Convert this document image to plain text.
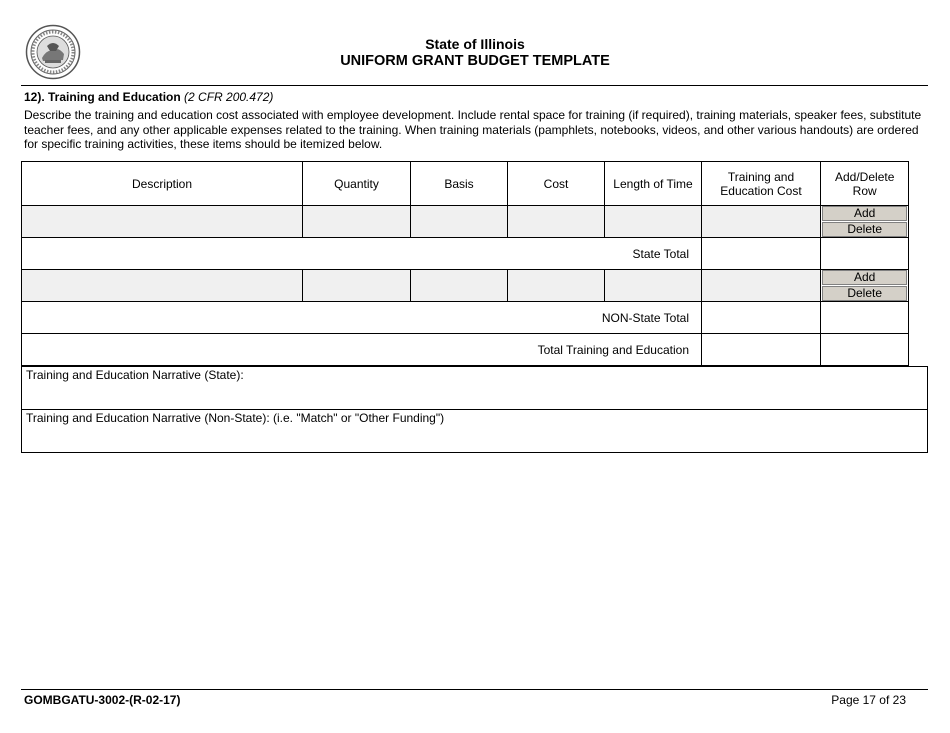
State of Illinois
UNIFORM GRANT BUDGET TEMPLATE
12). Training and Education (2 CFR 200.472)
Describe the training and education cost associated with employee development. Include rental space for training (if required), training materials, speaker fees, substitute teacher fees, and any other applicable expenses related to the training. When training materials (pamphlets, notebooks, videos, and other various handouts) are ordered for specific training activities, these items should be itemized below.
Description	Quantity	Basis	Cost	Length of Time	Training and Education Cost	Add/Delete Row

						Add
Delete

State Total						

						Add
Delete

NON-State Total						
Total Training and Education						
Training and Education Narrative (State):
Training and Education Narrative (Non-State): (i.e. "Match" or "Other Funding")
GOMBGATU-3002-(R-02-17)	Page 17 of 23
